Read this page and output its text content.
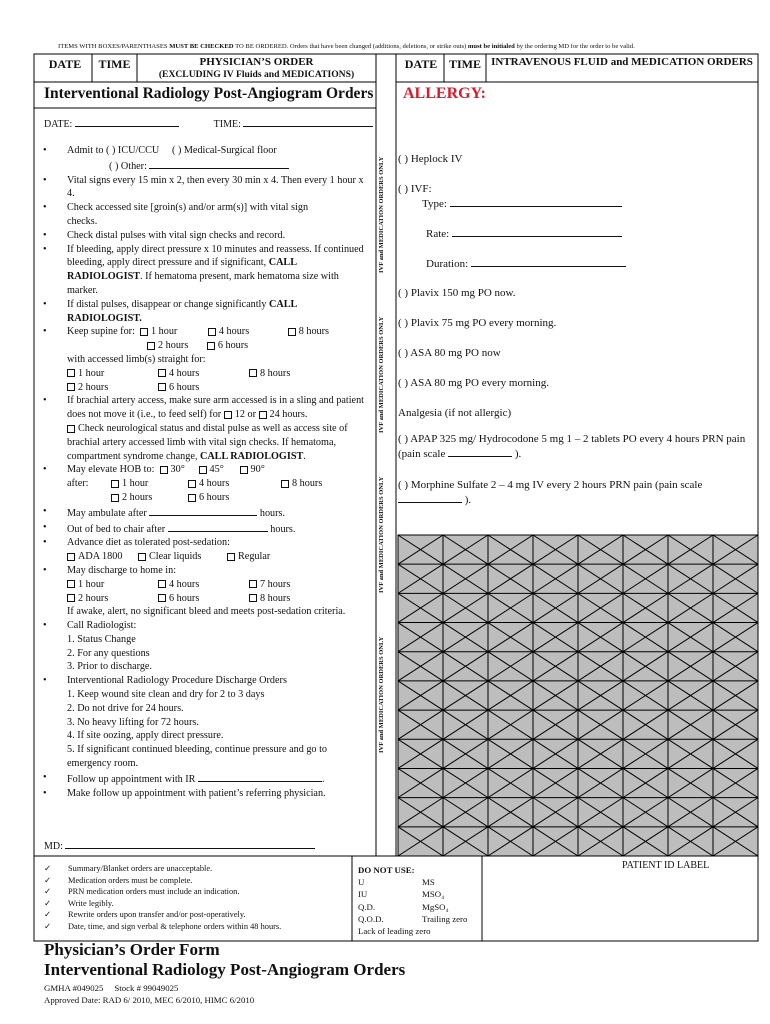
ITEMS WITH BOXES/PARENTHASES MUST BE CHECKED TO BE ORDERED. Orders that have been changed (additions, deletions, or strike outs) must be initialed by the ordering MD for the order to be valid.
DATE	TIME	PHYSICIAN’S ORDER
(EXCLUDING IV Fluids and MEDICATIONS)
DATE TIME INTRAVENOUS FLUID and MEDICATION ORDERS
Interventional Radiology Post-Angiogram Orders ALLERGY:
DATE:	TIME:
IVF and MEDICATION ORDERS ONLY
IVF and MEDICATION ORDERS ONLY
IVF and MEDICATION ORDERS ONLY
IVF and MEDICATION ORDERS ONLY
• Admit to ( ) ICU/CCU ( ) Medical-Surgical floor
( ) Other:
• Vital signs every 15 min x 2, then every 30 min x 4. Then every 1 hour x 4.
• Check accessed site [groin(s) and/or arm(s)] with vital sign checks.
• Check distal pulses with vital sign checks and record.
• If bleeding, apply direct pressure x 10 minutes and reassess. If continued bleeding, apply direct pressure and if significant, CALL RADIOLOGIST. If hematoma present, mark hematoma size with marker.
• If distal pulses, disappear or change significantly CALL RADIOLOGIST.
• Keep supine for: 1 hour	4 hours	8 hours
2 hours	6 hours
with accessed limb(s) straight for:
1 hour	4 hours	8 hours
2 hours	6 hours
• If brachial artery access, make sure arm accessed is in a sling and patient does not move it (i.e., to feed self) for 12 or 24 hours.

Check neurological status and distal pulse as well as access site of brachial artery accessed limb with vital sign checks. If hematoma, compartment syndrome change, CALL RADIOLOGIST.
• May elevate HOB to: 30° 45°	90°
after:	1 hour	4 hours	8 hours
2 hours	6 hours
• May ambulate after	hours.
• Out of bed to chair after	hours.
• Advance diet as tolerated post-sedation:
ADA 1800	Clear liquids	Regular
• May discharge to home in:
1 hour	4 hours	7 hours
2 hours	6 hours	8 hours
If awake, alert, no significant bleed and meets post-sedation criteria.
• Call Radiologist:
1. Status Change
2. For any questions
3. Prior to discharge.
• Interventional Radiology Procedure Discharge Orders
1. Keep wound site clean and dry for 2 to 3 days
2. Do not drive for 24 hours.
3. No heavy lifting for 72 hours.
4. If site oozing, apply direct pressure.
5. If significant continued bleeding, continue pressure and go to emergency room.
• Follow up appointment with IR	.
• Make follow up appointment with patient’s referring physician.
MD:
( ) Heplock IV
( ) IVF:
Type:
Rate:
Duration:
( ) Plavix 150 mg PO now.
( ) Plavix 75 mg PO every morning.
( ) ASA 80 mg PO now
( ) ASA 80 mg PO every morning.
Analgesia (if not allergic)
( ) APAP 325 mg/ Hydrocodone 5 mg 1 – 2 tablets PO every 4 hours PRN pain (pain scale	).
( ) Morphine Sulfate 2 – 4 mg IV every 2 hours PRN pain (pain scale  ).
✓ Summary/Blanket orders are unacceptable.
✓ Medication orders must be complete.
✓ PRN medication orders must include an indication.
✓ Write legibly.
✓ Rewrite orders upon transfer and/or post-operatively.
✓ Date, time, and sign verbal & telephone orders within 48 hours.
DO NOT USE:
U	MS
IU	MSO₄
Q.D.	MgSO₄
Q.O.D.	Trailing zero
Lack of leading zero
PATIENT ID LABEL
Physician’s Order Form
Interventional Radiology Post-Angiogram Orders
GMHA #049025     Stock # 99049025
Approved Date: RAD 6/ 2010, MEC 6/2010, HIMC 6/2010
